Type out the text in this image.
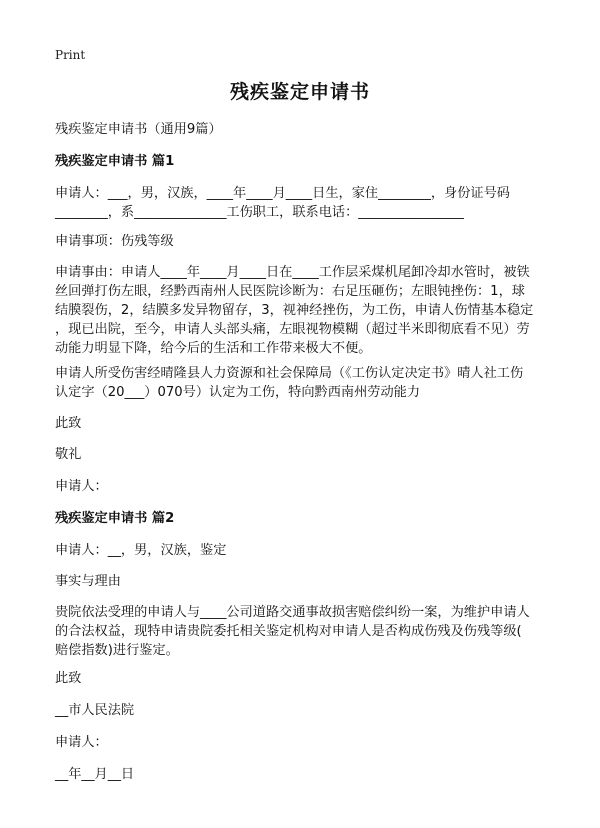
Print
残疾鉴定申请书
残疾鉴定申请书（通用9篇）
残疾鉴定申请书 篇1
申请人：___，男，汉族，____年____月____日生，家住________，身份证号码
________，系______________工伤职工，联系电话：________________
申请事项：伤残等级
申请事由：申请人____年____月____日在____工作层采煤机尾卸冷却水管时，被铁
丝回弹打伤左眼，经黔西南州人民医院诊断为：右足压砸伤；左眼钝挫伤：1，球
结膜裂伤，2，结膜多发异物留存，3，视神经挫伤，为工伤，申请人伤情基本稳定
，现已出院，至今，申请人头部头痛，左眼视物模糊（超过半米即彻底看不见）劳
动能力明显下降，给今后的生活和工作带来极大不便。
申请人所受伤害经晴隆县人力资源和社会保障局（《工伤认定决定书》晴人社工伤
认定字（20___）070号）认定为工伤，特向黔西南州劳动能力
此致
敬礼
申请人：
残疾鉴定申请书 篇2
申请人：__，男，汉族，鉴定
事实与理由
贵院依法受理的申请人与____公司道路交通事故损害赔偿纠纷一案，为维护申请人
的合法权益，现特申请贵院委托相关鉴定机构对申请人是否构成伤残及伤残等级(
赔偿指数)进行鉴定。
此致
__市人民法院
申请人：
__年__月__日
